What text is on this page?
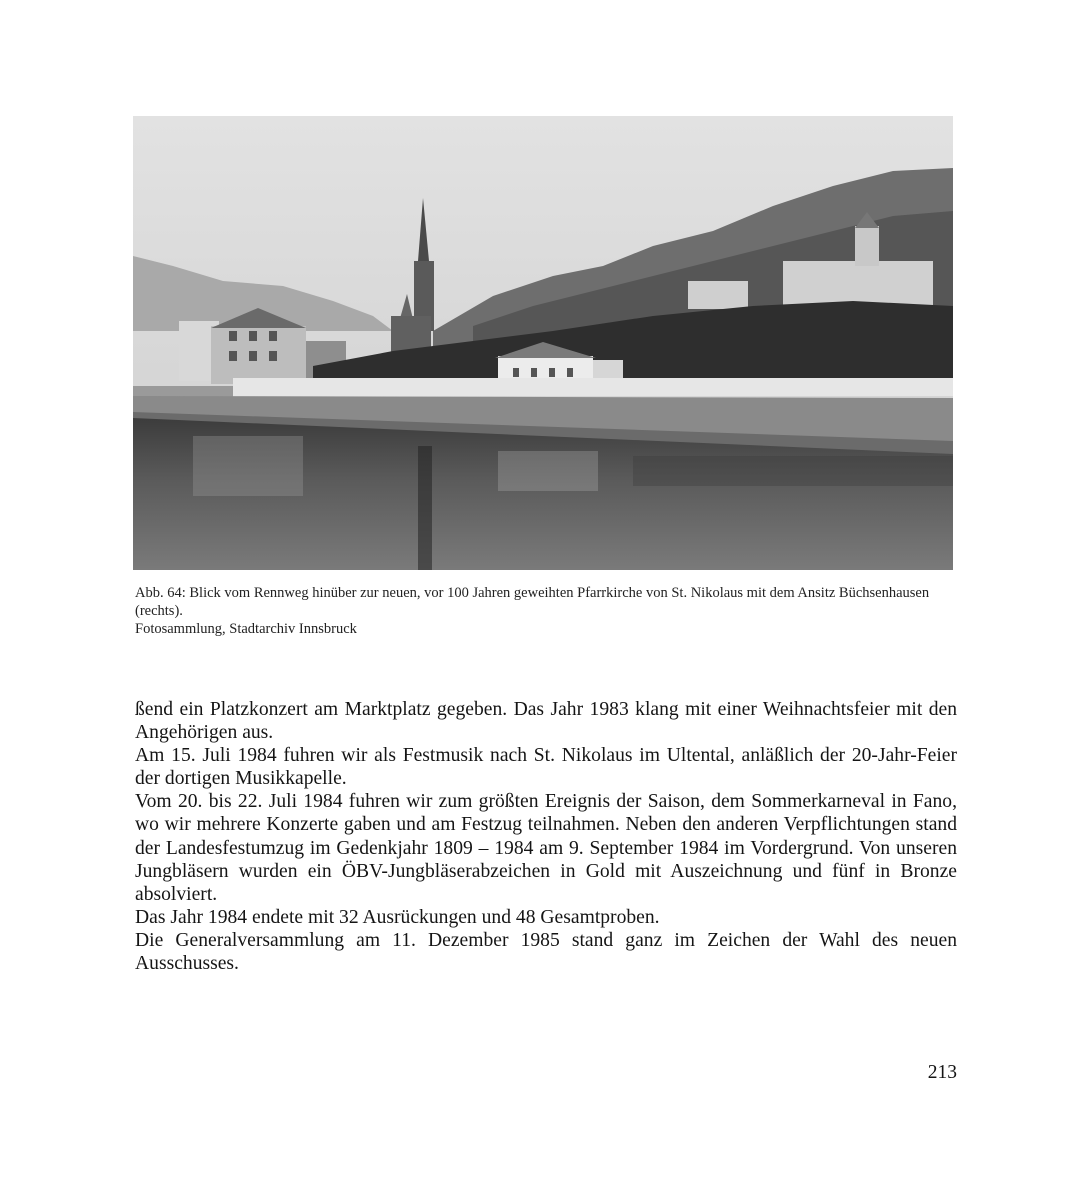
Abb. 64: Blick vom Rennweg hinüber zur neuen, vor 100 Jahren geweihten Pfarrkirche von St. Nikolaus mit dem Ansitz Büchsenhausen (rechts).

Fotosammlung, Stadtarchiv Innsbruck

ßend ein Platzkonzert am Marktplatz gegeben. Das Jahr 1983 klang mit einer Weihnachtsfeier mit den Angehörigen aus.

Am 15. Juli 1984 fuhren wir als Festmusik nach St. Nikolaus im Ultental, anläßlich der 20-Jahr-Feier der dortigen Musikkapelle.

Vom 20. bis 22. Juli 1984 fuhren wir zum größten Ereignis der Saison, dem Sommerkarneval in Fano, wo wir mehrere Konzerte gaben und am Festzug teilnahmen. Neben den anderen Verpflichtungen stand der Landesfestumzug im Gedenkjahr 1809 – 1984 am 9. September 1984 im Vordergrund. Von unseren Jungbläsern wurden ein ÖBV-Jungbläserabzeichen in Gold mit Auszeichnung und fünf in Bronze absolviert.

Das Jahr 1984 endete mit 32 Ausrückungen und 48 Gesamtproben.

Die Generalversammlung am 11. Dezember 1985 stand ganz im Zeichen der Wahl des neuen Ausschusses.

213
